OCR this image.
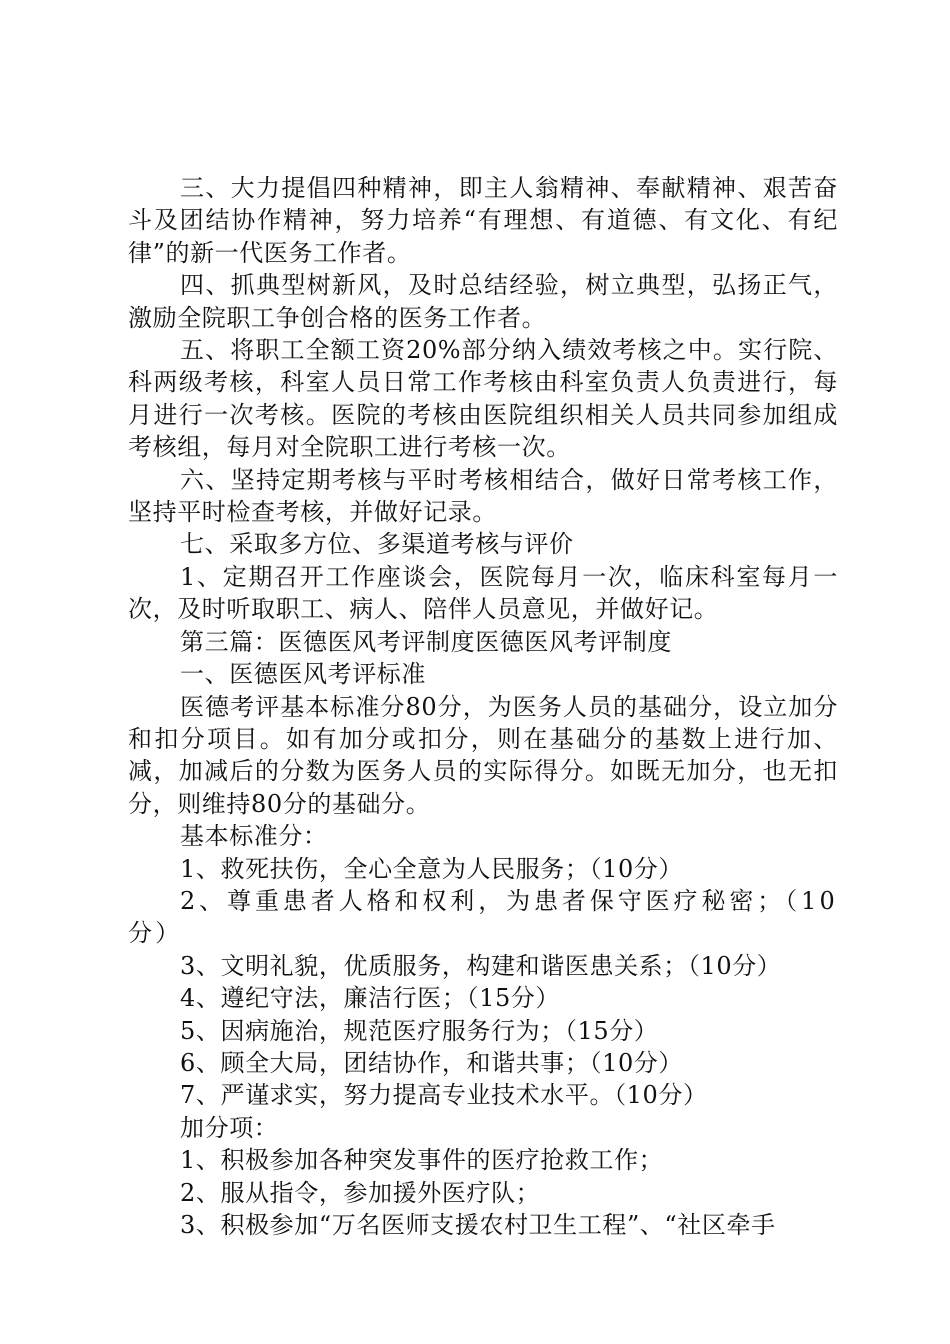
三、大力提倡四种精神，即主人翁精神、奉献精神、艰苦奋斗及团结协作精神，努力培养“有理想、有道德、有文化、有纪律”的新一代医务工作者。

四、抓典型树新风，及时总结经验，树立典型，弘扬正气，激励全院职工争创合格的医务工作者。

五、将职工全额工资20%部分纳入绩效考核之中。实行院、科两级考核，科室人员日常工作考核由科室负责人负责进行，每月进行一次考核。医院的考核由医院组织相关人员共同参加组成考核组，每月对全院职工进行考核一次。

六、坚持定期考核与平时考核相结合，做好日常考核工作，坚持平时检查考核，并做好记录。

七、采取多方位、多渠道考核与评价

1、定期召开工作座谈会，医院每月一次，临床科室每月一次，及时听取职工、病人、陪伴人员意见，并做好记。

第三篇：医德医风考评制度医德医风考评制度

一、医德医风考评标准

医德考评基本标准分80分，为医务人员的基础分，设立加分和扣分项目。如有加分或扣分，则在基础分的基数上进行加、减，加减后的分数为医务人员的实际得分。如既无加分，也无扣分，则维持80分的基础分。

基本标准分：

1、救死扶伤，全心全意为人民服务；（10分）

2、尊重患者人格和权利，为患者保守医疗秘密；（10分）

3、文明礼貌，优质服务，构建和谐医患关系；（10分）

4、遵纪守法，廉洁行医；（15分）

5、因病施治，规范医疗服务行为；（15分）

6、顾全大局，团结协作，和谐共事；（10分）

7、严谨求实，努力提高专业技术水平。（10分）

加分项：

1、积极参加各种突发事件的医疗抢救工作；

2、服从指令，参加援外医疗队；

3、积极参加“万名医师支援农村卫生工程”、“社区牵手
